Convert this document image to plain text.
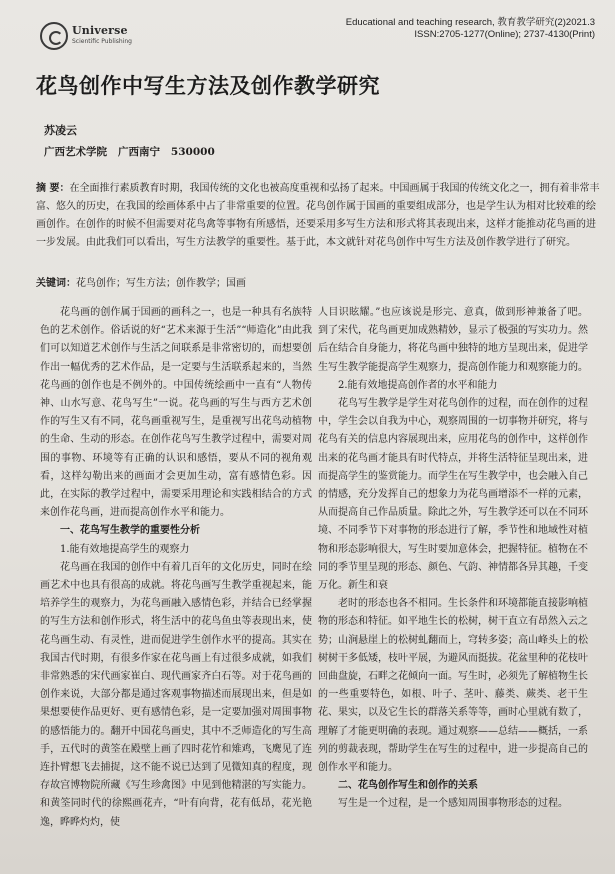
Universe
Scientific Publishing
Educational and teaching research, 教育教学研究(2)2021.3
ISSN:2705-1277(Online); 2737-4130(Print)
花鸟创作中写生方法及创作教学研究
苏凌云
广西艺术学院   广西南宁   530000
摘 要：在全面推行素质教育时期，我国传统的文化也被高度重视和弘扬了起来。中国画属于我国的传统文化之一，拥有着非常丰富、悠久的历史，在我国的绘画体系中占了非常重要的位置。花鸟创作属于国画的重要组成部分，也是学生认为相对比较难的绘画创作。在创作的时候不但需要对花鸟禽等事物有所感悟，还要采用多写生方法和形式将其表现出来，这样才能推动花鸟画的进一步发展。由此我们可以看出，写生方法教学的重要性。基于此，本文就针对花鸟创作中写生方法及创作教学进行了研究。
关键词：花鸟创作；写生方法；创作教学；国画

花鸟画的创作属于国画的画科之一，也是一种具有名族特色的艺术创作。俗话说的好“艺术来源于生活”“师造化”由此我们可以知道艺术创作与生活之间联系是非常密切的，而想要创作出一幅优秀的艺术作品，是一定要与生活联系起来的，当然花鸟画的创作也是不例外的。中国传统绘画中一直有“人物传神、山水写意、花鸟写生”一说。花鸟画的写生与西方艺术创作的写生又有不同，花鸟画重视写生，是重视写出花鸟动植物的生命、生动的形态。在创作花鸟写生教学过程中，需要对周围的事物、环境等有正确的认识和感悟，要从不同的视角观看，这样勾勒出来的画面才会更加生动，富有感情色彩。因此，在实际的教学过程中，需要采用理论和实践相结合的方式来创作花鸟画，进而提高创作水平和能力。

一、花鸟写生教学的重要性分析
1.能有效地提高学生的观察力

花鸟画在我国的创作中有着几百年的文化历史，同时在绘画艺术中也具有很高的成就。将花鸟画写生教学重视起来，能培养学生的观察力，为花鸟画融入感情色彩，并结合已经掌握的写生方法和创作形式，将生活中的花鸟鱼虫等表现出来，使花鸟画生动、有灵性，进而促进学生创作水平的提高。其实在我国古代时期，有很多作家在花鸟画上有过很多成就，如我们非常熟悉的宋代画家崔白、现代画家齐白石等。对于花鸟画的创作来说，大部分都是通过客观事物描述而展现出来，但是如果想要使作品更好、更有感情色彩，是一定要加强对周围事物的感悟能力的。翻开中国花鸟画史，其中不乏师造化的写生高手，五代时的黄筌在殿壁上画了四时花竹和雉鸡，飞鹰见了连连扑臂想飞去捕捉，这不能不说已达到了见微知真的程度，现存故宫博物院所藏《写生珍禽图》中见到他精湛的写实能力。和黄筌同时代的徐熙画花卉，“叶有向背，花有低昂，花光艳逸，晔晔灼灼，使

人目识眩耀。”也应该说是形完、意真，做到形神兼备了吧。到了宋代，花鸟画更加成熟精妙，显示了极强的写实功力。然后在结合自身能力，将花鸟画中独特的地方呈现出来，促进学生写生教学能提高学生观察力，提高创作能力和观察能力的。

2.能有效地提高创作者的水平和能力

花鸟写生教学是学生对花鸟创作的过程，而在创作的过程中，学生会以自我为中心，观察周围的一切事物并研究，将与花鸟有关的信息内容展现出来，应用花鸟的创作中，这样创作出来的花鸟画才能具有时代特点，并将生活特征呈现出来，进而提高学生的鉴赏能力。而学生在写生教学中，也会融入自己的情感，充分发挥自己的想象力为花鸟画增添不一样的元素，从而提高自己作品质量。除此之外，写生教学还可以在不同环境、不同季节下对事物的形态进行了解，季节性和地域性对植物和形态影响很大，写生时要加意体会，把握特征。植物在不同的季节里呈现的形态、颜色、气韵、神情都各异其趣，千变万化。新生和衰

老时的形态也各不相同。生长条件和环境都能直接影响植物的形态和特征。如平地生长的松树，树干直立有昂然入云之势；山涧悬崖上的松树虬翻而上，穹转多姿；高山峰头上的松树树干多低矮，枝叶平展，为避风而挺拔。花盆里种的花枝叶回曲盘旋，石畔之花倾向一面。写生时，必须先了解植物生长的一些重要特色，如根、叶子、茎叶、藤类、蕨类、老干生花、果实，以及它生长的群落关系等等，画时心里就有数了，理解了才能更明确的表现。通过观察——总结——概括，一系列的剪裁表现，帮助学生在写生的过程中，进一步提高自己的创作水平和能力。

二、花鸟创作写生和创作的关系

写生是一个过程，是一个感知周围事物形态的过程。
